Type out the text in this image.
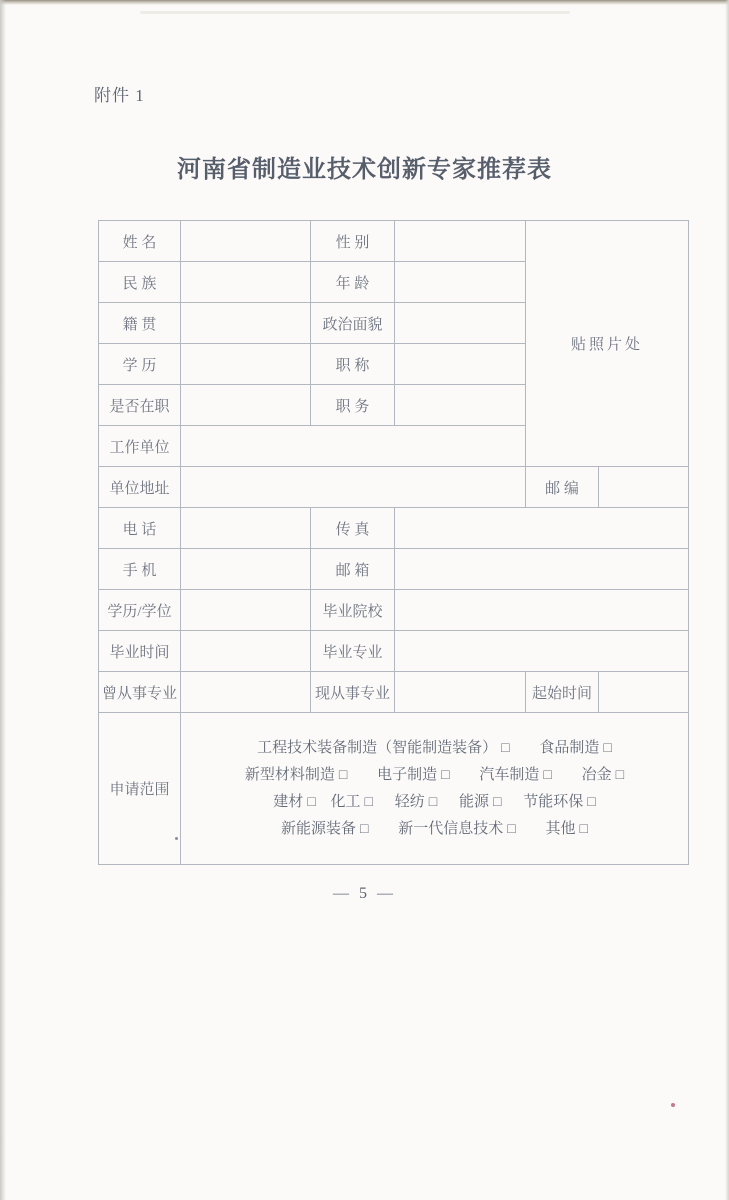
附件 1
河南省制造业技术创新专家推荐表
姓 名		性 别		贴照片处	
民 族		年 龄			
籍 贯		政治面貌			
学 历		职 称			
是否在职		职 务			
工作单位					
单位地址				邮 编	
电 话		传 真			
手 机		邮 箱			
学历/学位		毕业院校			
毕业时间		毕业专业			
曾从事专业		现从事专业		起始时间	
申请范围	工程技术装备制造（智能制造装备） □ 食品制造 □
新型材料制造 □ 电子制造 □ 汽车制造 □ 冶金 □
建材 □ 化工 □ 轻纺 □ 能源 □ 节能环保 □
新能源装备 □ 新一代信息技术 □ 其他 □				
— 5 —
